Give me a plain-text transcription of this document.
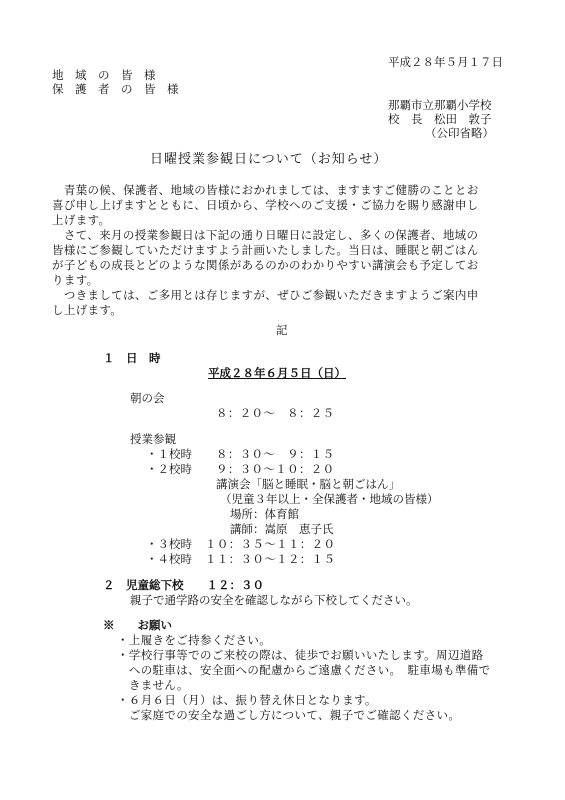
平成２８年５月１７日
地　域　の　皆　様
保　護　者　の　皆　様
那覇市立那覇小学校
校　長　松田　敦子
（公印省略）
日曜授業参観日について（お知らせ）
　青葉の候、保護者、地域の皆様におかれましては、ますますご健勝のこととお
喜び申し上げますとともに、日頃から、学校へのご支援・ご協力を賜り感謝申し
上げます。
　さて、来月の授業参観日は下記の通り日曜日に設定し、多くの保護者、地域の
皆様にご参観していただけますよう計画いたしました。当日は、睡眠と朝ごはん
が子どもの成長とどのような関係があるのかのわかりやすい講演会も予定してお
ります。
　つきましては、ご多用とは存じますが、ぜひご参観いただきますようご案内申
し上げます。
記
１　日　時
平成２８年６月５日（日）
朝の会
８：２０～　８：２５
授業参観
・１校時 ８：３０～　９：１５
・２校時 ９：３０～１０：２０
講演会「脳と睡眠・脳と朝ごはん」
（児童３年以上・全保護者・地域の皆様）
場所：体育館
講師：嵩原　恵子氏
・３校時 １０：３５～１１：２０
・４校時 １１：３０～１２：１５
２　児童総下校　　１２：３０
親子で通学路の安全を確認しながら下校してください。
※　　お願い
・上履きをご持参ください。
・学校行事等でのご来校の際は、徒歩でお願いいたします。周辺道路
　への駐車は、安全面への配慮からご遠慮ください。　駐車場も準備で
　きません。
・６月６日（月）は、振り替え休日となります。
　ご家庭での安全な過ごし方について、親子でご確認ください。
